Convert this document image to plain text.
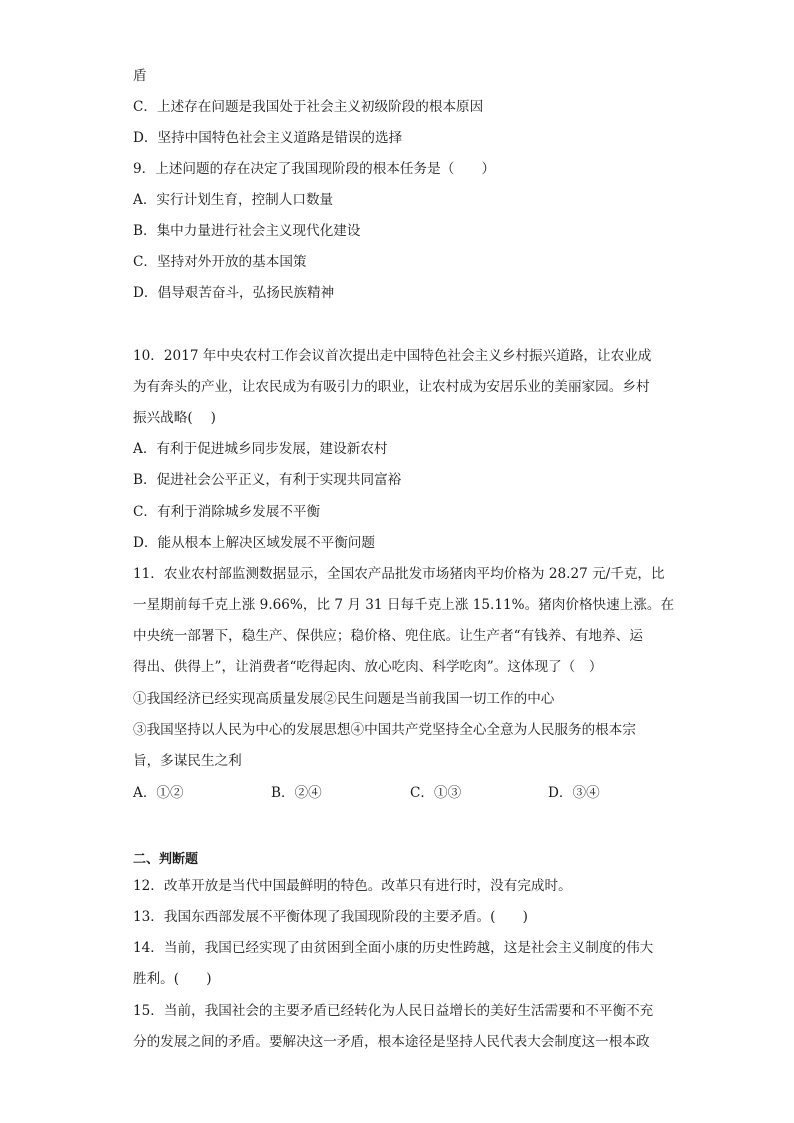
盾
C．上述存在问题是我国处于社会主义初级阶段的根本原因
D．坚持中国特色社会主义道路是错误的选择
9．上述问题的存在决定了我国现阶段的根本任务是（　　）
A．实行计划生育，控制人口数量
B．集中力量进行社会主义现代化建设
C．坚持对外开放的基本国策
D．倡导艰苦奋斗，弘扬民族精神
10．2017 年中央农村工作会议首次提出走中国特色社会主义乡村振兴道路，让农业成
为有奔头的产业，让农民成为有吸引力的职业，让农村成为安居乐业的美丽家园。乡村
振兴战略(　 )
A．有利于促进城乡同步发展，建设新农村
B．促进社会公平正义，有利于实现共同富裕
C．有利于消除城乡发展不平衡
D．能从根本上解决区域发展不平衡问题
11．农业农村部监测数据显示，全国农产品批发市场猪肉平均价格为 28.27 元/千克，比
一星期前每千克上涨 9.66%，比 7 月 31 日每千克上涨 15.11%。猪肉价格快速上涨。在
中央统一部署下，稳生产、保供应；稳价格、兜住底。让生产者“有钱养、有地养、运
得出、供得上”，让消费者“吃得起肉、放心吃肉、科学吃肉”。这体现了（　）
①我国经济已经实现高质量发展②民生问题是当前我国一切工作的中心
③我国坚持以人民为中心的发展思想④中国共产党坚持全心全意为人民服务的根本宗
旨，多谋民生之利
A．①②	B．②④	C．①③	D．③④
二、判断题
12．改革开放是当代中国最鲜明的特色。改革只有进行时，没有完成时。
13．我国东西部发展不平衡体现了我国现阶段的主要矛盾。(　　)
14．当前，我国已经实现了由贫困到全面小康的历史性跨越，这是社会主义制度的伟大
胜利。(　　)
15．当前，我国社会的主要矛盾已经转化为人民日益增长的美好生活需要和不平衡不充
分的发展之间的矛盾。要解决这一矛盾，根本途径是坚持人民代表大会制度这一根本政
